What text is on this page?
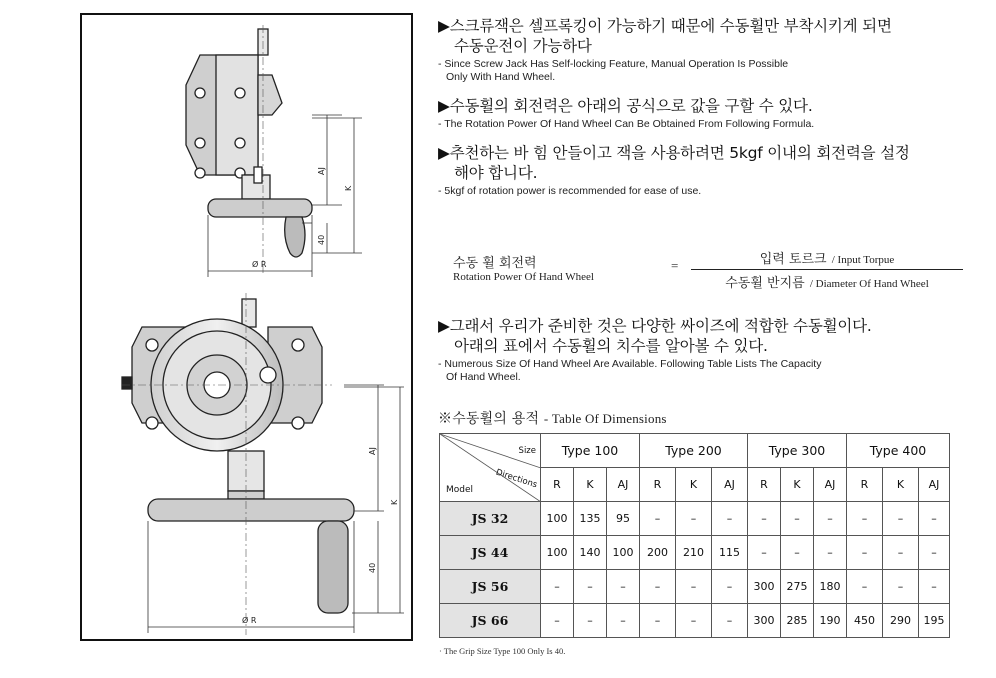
AJ
K
40
Ø R
AJ
K
40
Ø R
▶스크류잭은 셀프록킹이 가능하기 때문에 수동휠만 부착시키게 되면
수동운전이 가능하다
- Since Screw Jack Has Self-locking Feature, Manual Operation Is Possible
Only With Hand Wheel.
▶수동휠의 회전력은 아래의 공식으로 값을 구할 수 있다.
- The Rotation Power Of Hand Wheel Can Be Obtained From Following Formula.
▶추천하는 바 힘 안들이고 잭을 사용하려면 5kgf 이내의 회전력을 설정
해야 합니다.
- 5kgf of rotation power is recommended for ease of use.
수동 휠 회전력
Rotation Power Of Hand Wheel
=	입력 토르크 / Input Torpue
수동휠 반지름 / Diameter Of Hand Wheel
▶그래서 우리가 준비한 것은 다양한 싸이즈에 적합한 수동휠이다.
아래의 표에서 수동휠의 치수를 알아볼 수 있다.
- Numerous Size Of Hand Wheel Are Available. Following Table Lists The Capacity
Of Hand Wheel.
※수동휠의 용적 - Table Of Dimensions
Size
Directions
Model	Type 100			Type 200			Type 300			Type 400		
	R	K	AJ	R	K	AJ	R	K	AJ	R	K	AJ
JS 32	100	135	95	–	–	–	–	–	–	–	–	–
JS 44	100	140	100	200	210	115	–	–	–	–	–	–
JS 56	–	–	–	–	–	–	300	275	180	–	–	–
JS 66	–	–	–	–	–	–	300	285	190	450	290	195
· The Grip Size Type 100 Only Is 40.
